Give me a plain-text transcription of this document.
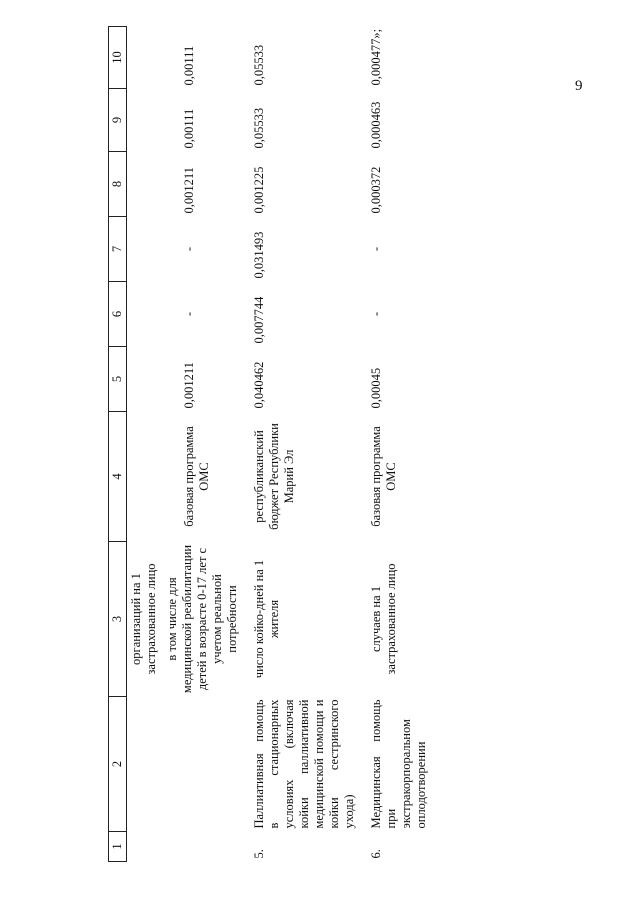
9
1	2	3	4	5	6	7	8	9	10

		организаций на 1 застрахованное лицо в том числе для медицинской реабилитации детей в возрасте 0-17 лет с учетом реальной потребности	базовая программа ОМС	0,001211	-	-	0,001211	0,00111	0,00111
5.	Паллиативная помощь в стационарных условиях (включая койки паллиативной медицинской помощи и койки сестринского ухода)	число койко-дней на 1 жителя	республиканский бюджет Республики Марий Эл	0,040462	0,007744	0,031493	0,001225	0,05533	0,05533
6.	Медицинская помощь при экстракорпоральном оплодотворении	случаев на 1 застрахованное лицо	базовая программа ОМС	0,00045	-	-	0,000372	0,000463	0,000477»;
